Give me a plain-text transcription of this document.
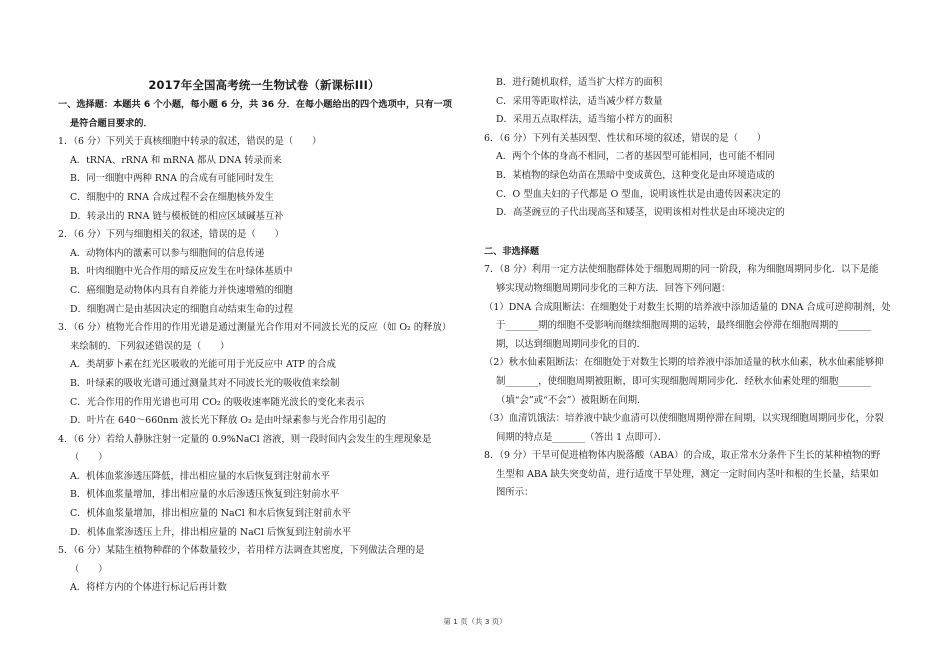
2017年全国高考统一生物试卷（新课标III）
一、选择题：本题共 6 个小题，每小题 6 分，共 36 分．在每小题给出的四个选项中，只有一项
是符合题目要求的．
1．（6 分）下列关于真核细胞中转录的叙述，错误的是（　　）
A．tRNA、rRNA 和 mRNA 都从 DNA 转录而来
B．同一细胞中两种 RNA 的合成有可能同时发生
C．细胞中的 RNA 合成过程不会在细胞核外发生
D．转录出的 RNA 链与模板链的相应区域碱基互补
2．（6 分）下列与细胞相关的叙述，错误的是（　　）
A．动物体内的激素可以参与细胞间的信息传递
B．叶肉细胞中光合作用的暗反应发生在叶绿体基质中
C．癌细胞是动物体内具有自养能力并快速增殖的细胞
D．细胞凋亡是由基因决定的细胞自动结束生命的过程
3．（6 分）植物光合作用的作用光谱是通过测量光合作用对不同波长光的反应（如 O₂ 的释放）
来绘制的．下列叙述错误的是（　　）
A．类胡萝卜素在红光区吸收的光能可用于光反应中 ATP 的合成
B．叶绿素的吸收光谱可通过测量其对不同波长光的吸收值来绘制
C．光合作用的作用光谱也可用 CO₂ 的吸收速率随光波长的变化来表示
D．叶片在 640～660nm 波长光下释放 O₂ 是由叶绿素参与光合作用引起的
4．（6 分）若给人静脉注射一定量的 0.9%NaCl 溶液，则一段时间内会发生的生理现象是
（　　）
A．机体血浆渗透压降低，排出相应量的水后恢复到注射前水平
B．机体血浆量增加，排出相应量的水后渗透压恢复到注射前水平
C．机体血浆量增加，排出相应量的 NaCl 和水后恢复到注射前水平
D．机体血浆渗透压上升，排出相应量的 NaCl 后恢复到注射前水平
5．（6 分）某陆生植物种群的个体数量较少，若用样方法调查其密度，下列做法合理的是
（　　）
A．将样方内的个体进行标记后再计数
B．进行随机取样，适当扩大样方的面积
C．采用等距取样法，适当减少样方数量
D．采用五点取样法，适当缩小样方的面积
6．（6 分）下列有关基因型、性状和环境的叙述，错误的是（　　）
A．两个个体的身高不相同，二者的基因型可能相同，也可能不相同
B．某植物的绿色幼苗在黑暗中变成黄色，这种变化是由环境造成的
C．O 型血夫妇的子代都是 O 型血，说明该性状是由遗传因素决定的
D．高茎豌豆的子代出现高茎和矮茎，说明该相对性状是由环境决定的
二、非选择题
7．（8 分）利用一定方法使细胞群体处于细胞周期的同一阶段，称为细胞周期同步化．以下是能
够实现动物细胞周期同步化的三种方法．回答下列问题：
（1）DNA 合成阻断法：在细胞处于对数生长期的培养液中添加适量的 DNA 合成可逆抑制剂，处
于_______期的细胞不受影响而继续细胞周期的运转，最终细胞会停滞在细胞周期的_______
期，以达到细胞周期同步化的目的．
（2）秋水仙素阻断法：在细胞处于对数生长期的培养液中添加适量的秋水仙素，秋水仙素能够抑
制_______，使细胞周期被阻断，即可实现细胞周期同步化．经秋水仙素处理的细胞_______
（填“会”或“不会”）被阻断在间期．
（3）血清饥饿法：培养液中缺少血清可以使细胞周期停滞在间期，以实现细胞周期同步化，分裂
间期的特点是_______（答出 1 点即可）．
8．（9 分）干旱可促进植物体内脱落酸（ABA）的合成，取正常水分条件下生长的某种植物的野
生型和 ABA 缺失突变幼苗，进行适度干旱处理，测定一定时间内茎叶和根的生长量，结果如
图所示：
第 1 页（共 3 页）
